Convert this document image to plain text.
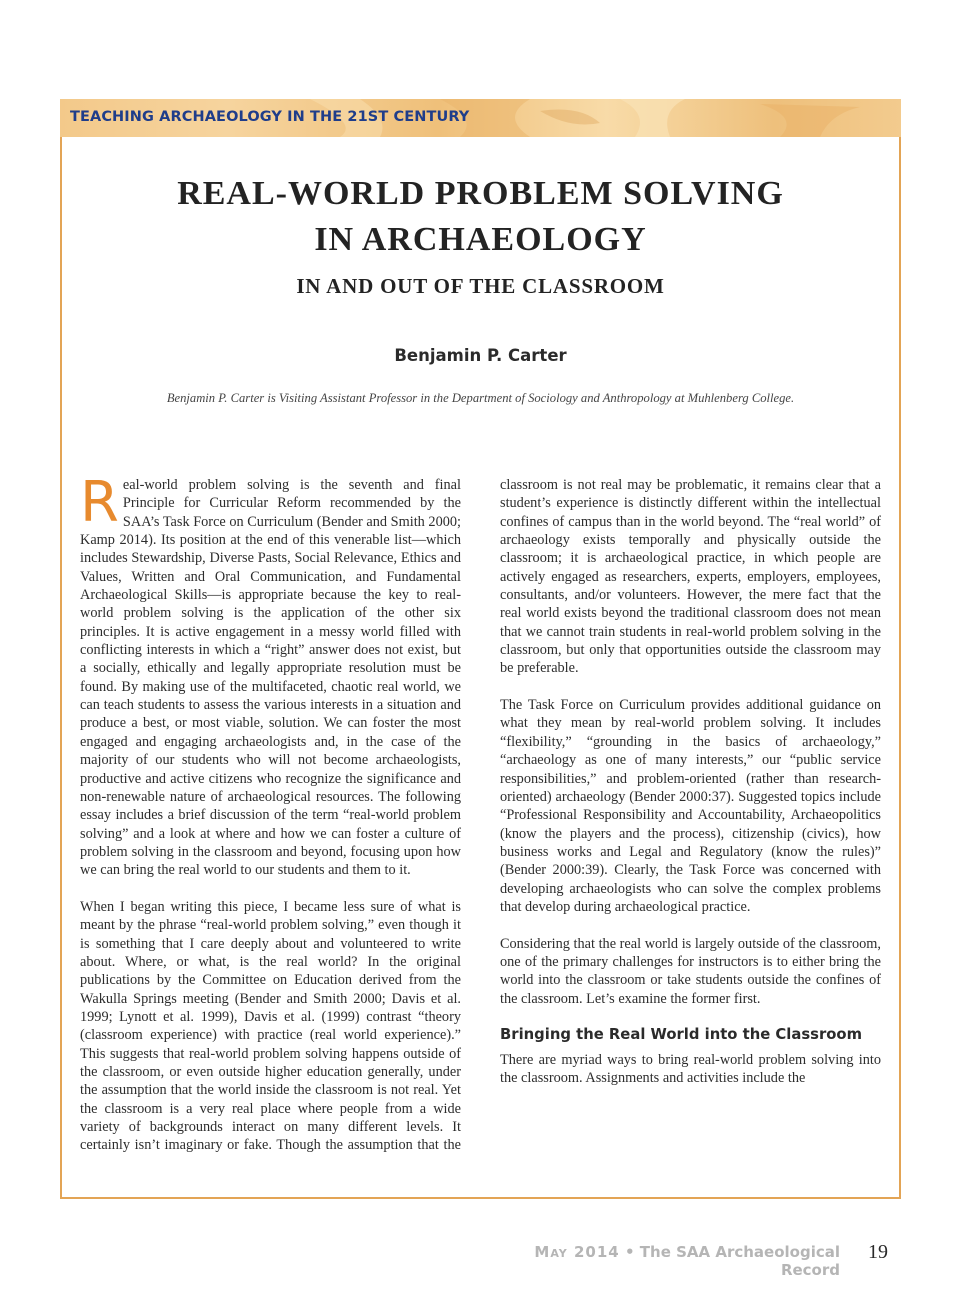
TEACHING ARCHAEOLOGY IN THE 21ST CENTURY
REAL-WORLD PROBLEM SOLVING
IN ARCHAEOLOGY
IN AND OUT OF THE CLASSROOM
Benjamin P. Carter
Benjamin P. Carter is Visiting Assistant Professor in the Department of Sociology and Anthropology at Muhlenberg College.

Real-world problem solving is the seventh and final Principle for Curricular Reform recommended by the SAA’s Task Force on Curriculum (Bender and Smith 2000; Kamp 2014). Its position at the end of this venerable list—which includes Stewardship, Diverse Pasts, Social Relevance, Ethics and Values, Written and Oral Communication, and Fundamental Archaeological Skills—is appropriate because the key to real-world problem solving is the application of the other six principles. It is active engagement in a messy world filled with conflicting interests in which a “right” answer does not exist, but a socially, ethically and legally appropriate resolution must be found. By making use of the multifaceted, chaotic real world, we can teach students to assess the various interests in a situation and produce a best, or most viable, solution. We can foster the most engaged and engaging archaeologists and, in the case of the majority of our students who will not become archaeologists, productive and active citizens who recognize the significance and non-renewable nature of archaeological resources. The following essay includes a brief discussion of the term “real-world problem solving” and a look at where and how we can foster a culture of problem solving in the classroom and beyond, focusing upon how we can bring the real world to our students and them to it.

When I began writing this piece, I became less sure of what is meant by the phrase “real-world problem solving,” even though it is something that I care deeply about and volunteered to write about. Where, or what, is the real world? In the original publications by the Committee on Education derived from the Wakulla Springs meeting (Bender and Smith 2000; Davis et al. 1999; Lynott et al. 1999), Davis et al. (1999) contrast “theory (classroom experience) with practice (real world experience).” This suggests that real-world problem solving happens outside of the classroom, or even outside higher education generally, under the assumption that the world inside the classroom is not real. Yet the classroom is a very real place where people from a wide variety of backgrounds interact on many different levels. It certainly isn’t imaginary or fake. Though the assumption that the

classroom is not real may be problematic, it remains clear that a student’s experience is distinctly different within the intellectual confines of campus than in the world beyond. The “real world” of archaeology exists temporally and physically outside the classroom; it is archaeological practice, in which people are actively engaged as researchers, experts, employers, employees, consultants, and/or volunteers. However, the mere fact that the real world exists beyond the traditional classroom does not mean that we cannot train students in real-world problem solving in the classroom, but only that opportunities outside the classroom may be preferable.

The Task Force on Curriculum provides additional guidance on what they mean by real-world problem solving. It includes “flexibility,” “grounding in the basics of archaeology,” “archaeology as one of many interests,” our “public service responsibilities,” and problem-oriented (rather than research-oriented) archaeology (Bender 2000:37). Suggested topics include “Professional Responsibility and Accountability, Archaeopolitics (know the players and the process), citizenship (civics), how business works and Legal and Regulatory (know the rules)” (Bender 2000:39). Clearly, the Task Force was concerned with developing archaeologists who can solve the complex problems that develop during archaeological practice.

Considering that the real world is largely outside of the classroom, one of the primary challenges for instructors is to either bring the world into the classroom or take students outside the confines of the classroom. Let’s examine the former first.

Bringing the Real World into the Classroom

There are myriad ways to bring real-world problem solving into the classroom. Assignments and activities include the

May 2014 • The SAA Archaeological Record
19
